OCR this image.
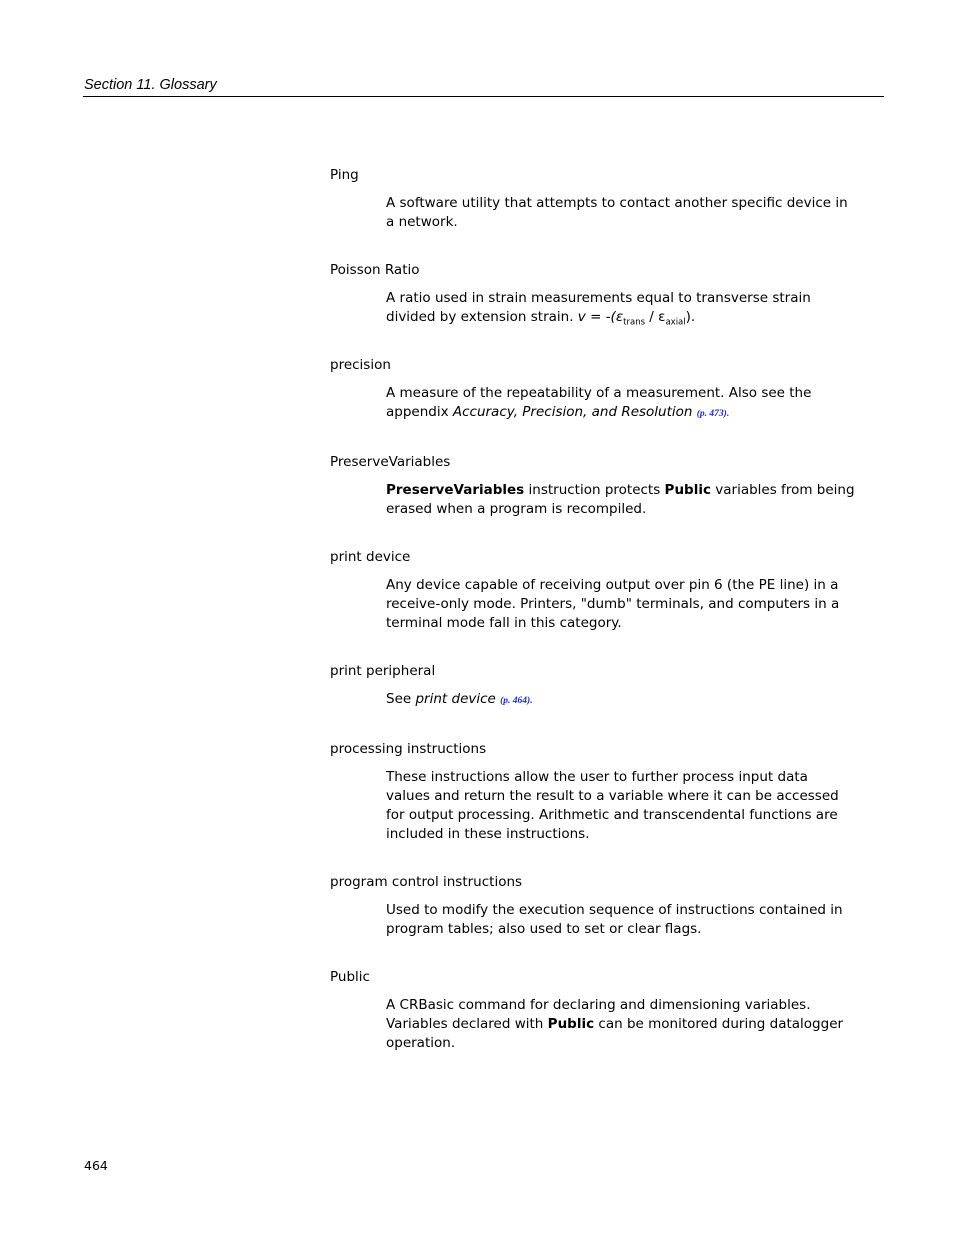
Section 11. Glossary

Ping

A software utility that attempts to contact another specific device in a network.

Poisson Ratio

A ratio used in strain measurements equal to transverse strain divided by extension strain. $v = -(\varepsilon_{trans} / \varepsilon_{axial})$.

precision

A measure of the repeatability of a measurement. Also see the appendix Accuracy, Precision, and Resolution (p. 473).

PreserveVariables

PreserveVariables instruction protects Public variables from being erased when a program is recompiled.

print device

Any device capable of receiving output over pin 6 (the PE line) in a receive-only mode. Printers, "dumb" terminals, and computers in a terminal mode fall in this category.

print peripheral

See print device (p. 464).

processing instructions

These instructions allow the user to further process input data values and return the result to a variable where it can be accessed for output processing. Arithmetic and transcendental functions are included in these instructions.

program control instructions

Used to modify the execution sequence of instructions contained in program tables; also used to set or clear flags.

Public

A CRBasic command for declaring and dimensioning variables. Variables declared with Public can be monitored during datalogger operation.

464
